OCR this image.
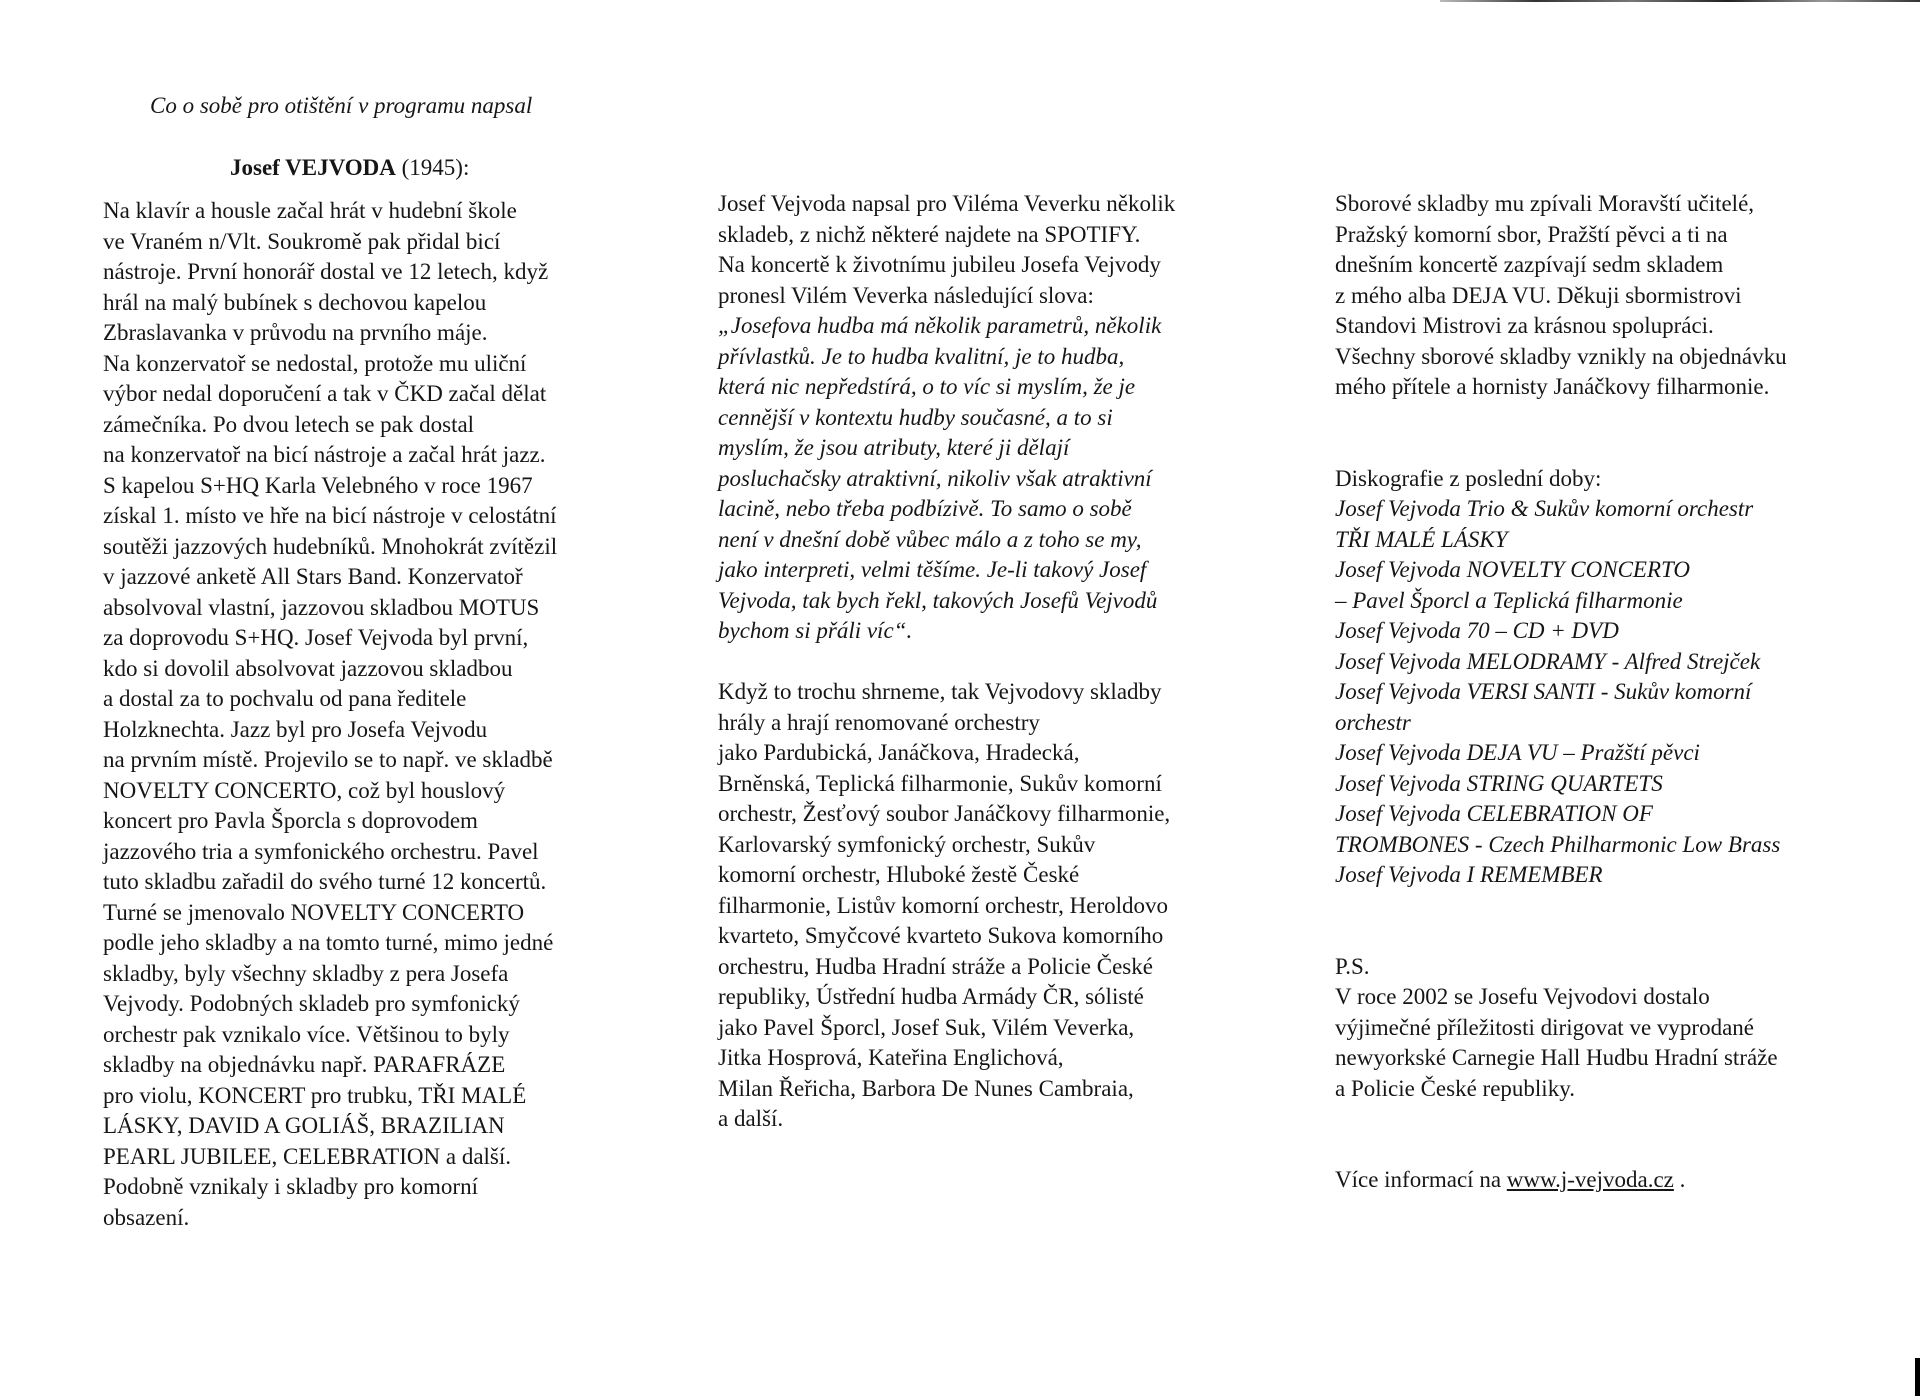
Co o sobě pro otištění v programu napsal
Josef VEJVODA (1945):
Na klavír a housle začal hrát v hudební škole
ve Vraném n/Vlt. Soukromě pak přidal bicí
nástroje. První honorář dostal ve 12 letech, když
hrál na malý bubínek s dechovou kapelou
Zbraslavanka v průvodu na prvního máje.
Na konzervatoř se nedostal, protože mu uliční
výbor nedal doporučení a tak v ČKD začal dělat
zámečníka. Po dvou letech se pak dostal
na konzervatoř na bicí nástroje a začal hrát jazz.
S kapelou S+HQ Karla Velebného v roce 1967
získal 1. místo ve hře na bicí nástroje v celostátní
soutěži jazzových hudebníků. Mnohokrát zvítězil
v jazzové anketě All Stars Band. Konzervatoř
absolvoval vlastní, jazzovou skladbou MOTUS
za doprovodu S+HQ. Josef Vejvoda byl první,
kdo si dovolil absolvovat jazzovou skladbou
a dostal za to pochvalu od pana ředitele
Holzknechta. Jazz byl pro Josefa Vejvodu
na prvním místě. Projevilo se to např. ve skladbě
NOVELTY CONCERTO, což byl houslový
koncert pro Pavla Šporcla s doprovodem
jazzového tria a symfonického orchestru. Pavel
tuto skladbu zařadil do svého turné 12 koncertů.
Turné se jmenovalo NOVELTY CONCERTO
podle jeho skladby a na tomto turné, mimo jedné
skladby, byly všechny skladby z pera Josefa
Vejvody. Podobných skladeb pro symfonický
orchestr pak vznikalo více. Většinou to byly
skladby na objednávku např. PARAFRÁZE
pro violu, KONCERT pro trubku, TŘI MALÉ
LÁSKY, DAVID A GOLIÁŠ, BRAZILIAN
PEARL JUBILEE, CELEBRATION a další.
Podobně vznikaly i skladby pro komorní
obsazení.
Josef Vejvoda napsal pro Viléma Veverku několik
skladeb, z nichž některé najdete na SPOTIFY.
Na koncertě k životnímu jubileu Josefa Vejvody
pronesl Vilém Veverka následující slova:
„Josefova hudba má několik parametrů, několik
přívlastků. Je to hudba kvalitní, je to hudba,
která nic nepředstírá, o to víc si myslím, že je
cennější v kontextu hudby současné, a to si
myslím, že jsou atributy, které ji dělají
posluchačsky atraktivní, nikoliv však atraktivní
lacině, nebo třeba podbízivě. To samo o sobě
není v dnešní době vůbec málo a z toho se my,
jako interpreti, velmi těšíme. Je-li takový Josef
Vejvoda, tak bych řekl, takových Josefů Vejvodů
bychom si přáli víc“.
Když to trochu shrneme, tak Vejvodovy skladby
hrály a hrají renomované orchestry
jako Pardubická, Janáčkova, Hradecká,
Brněnská, Teplická filharmonie, Sukův komorní
orchestr, Žesťový soubor Janáčkovy filharmonie,
Karlovarský symfonický orchestr, Sukův
komorní orchestr, Hluboké žestě České
filharmonie, Listův komorní orchestr, Heroldovo
kvarteto, Smyčcové kvarteto Sukova komorního
orchestru, Hudba Hradní stráže a Policie České
republiky, Ústřední hudba Armády ČR, sólisté
jako Pavel Šporcl, Josef Suk, Vilém Veverka,
Jitka Hosprová, Kateřina Englichová,
Milan Řeřicha, Barbora De Nunes Cambraia,
a další.
Sborové skladby mu zpívali Moravští učitelé,
Pražský komorní sbor, Pražští pěvci a ti na
dnešním koncertě zazpívají sedm skladem
z mého alba DEJA VU. Děkuji sbormistrovi
Standovi Mistrovi za krásnou spolupráci.
Všechny sborové skladby vznikly na objednávku
mého přítele a hornisty Janáčkovy filharmonie.
Diskografie z poslední doby:
Josef Vejvoda Trio & Sukův komorní orchestr
TŘI MALÉ LÁSKY
Josef Vejvoda NOVELTY CONCERTO
– Pavel Šporcl a Teplická filharmonie
Josef Vejvoda 70 – CD + DVD
Josef Vejvoda MELODRAMY - Alfred Strejček
Josef Vejvoda VERSI SANTI - Sukův komorní
orchestr
Josef Vejvoda DEJA VU – Pražští pěvci
Josef Vejvoda STRING QUARTETS
Josef Vejvoda CELEBRATION OF
TROMBONES - Czech Philharmonic Low Brass
Josef Vejvoda I REMEMBER
P.S.
V roce 2002 se Josefu Vejvodovi dostalo
výjimečné příležitosti dirigovat ve vyprodané
newyorkské Carnegie Hall Hudbu Hradní stráže
a Policie České republiky.
Více informací na www.j-vejvoda.cz .
